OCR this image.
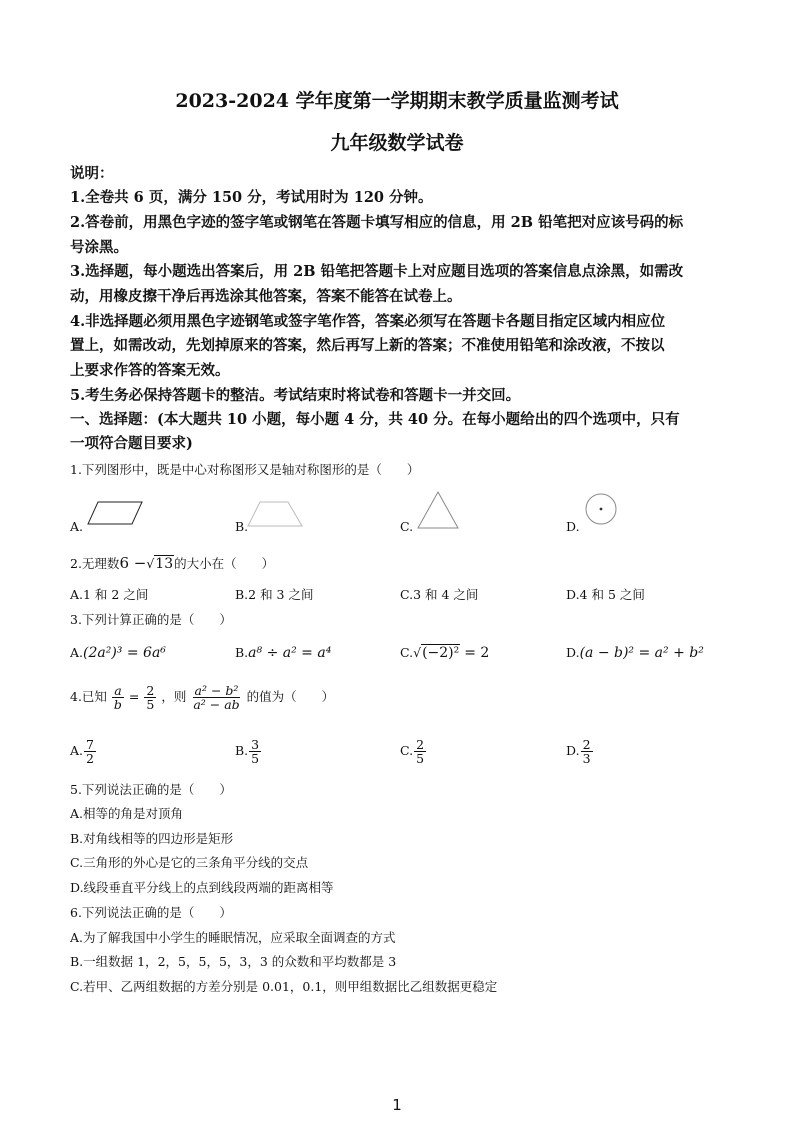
2023-2024 学年度第一学期期末教学质量监测考试
九年级数学试卷
说明：
1.全卷共 6 页，满分 150 分，考试用时为 120 分钟。
2.答卷前，用黑色字迹的签字笔或钢笔在答题卡填写相应的信息，用 2B 铅笔把对应该号码的标
号涂黑。
3.选择题，每小题选出答案后，用 2B 铅笔把答题卡上对应题目选项的答案信息点涂黑，如需改
动，用橡皮擦干净后再选涂其他答案，答案不能答在试卷上。
4.非选择题必须用黑色字迹钢笔或签字笔作答，答案必须写在答题卡各题目指定区域内相应位
置上，如需改动，先划掉原来的答案，然后再写上新的答案；不准使用铅笔和涂改液，不按以
上要求作答的答案无效。
5.考生务必保持答题卡的整洁。考试结束时将试卷和答题卡一并交回。
一、选择题：(本大题共 10 小题，每小题 4 分，共 40 分。在每小题给出的四个选项中，只有
一项符合题目要求)
1.下列图形中，既是中心对称图形又是轴对称图形的是（　　）
A.	B.	C.	D.
2.无理数6 −√13的大小在（　　）
A.1 和 2 之间	B.2 和 3 之间	C.3 和 4 之间	D.4 和 5 之间
3.下列计算正确的是（　　）
A.(2a²)³ = 6a⁶	B.a⁸ ÷ a² = a⁴	C.√(−2)² = 2	D.(a − b)² = a² + b²
4.已知 $\frac{a}{b} = \frac{2}{5}$ ，则 $\frac{\text{a² − b²}}{\text{a² − ab}}$ 的值为（　　）
A. $\frac{7}{2}$	B. $\frac{3}{5}$	C. $\frac{2}{5}$	D. $\frac{2}{3}$
5.下列说法正确的是（　　）
A.相等的角是对顶角
B.对角线相等的四边形是矩形
C.三角形的外心是它的三条角平分线的交点
D.线段垂直平分线上的点到线段两端的距离相等
6.下列说法正确的是（　　）
A.为了解我国中小学生的睡眠情况，应采取全面调查的方式
B.一组数据 1，2，5，5，5，3，3 的众数和平均数都是 3
C.若甲、乙两组数据的方差分别是 0.01，0.1，则甲组数据比乙组数据更稳定
1
